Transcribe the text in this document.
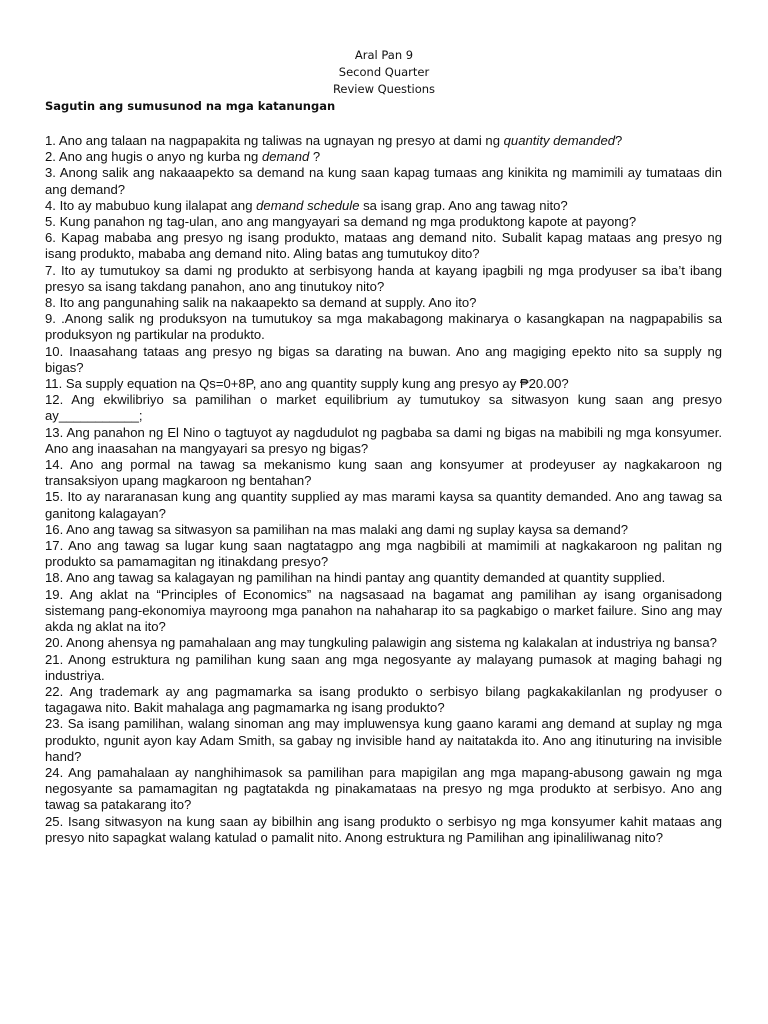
Aral Pan 9
Second Quarter
Review Questions
Sagutin ang sumusunod na mga katanungan

1. Ano ang talaan na nagpapakita ng taliwas na ugnayan ng presyo at dami ng quantity demanded?

2. Ano ang hugis o anyo ng kurba ng demand ?

3. Anong salik ang nakaaapekto sa demand na kung saan kapag tumaas ang kinikita ng mamimili ay tumataas din ang demand?

4. Ito ay mabubuo kung ilalapat ang demand schedule sa isang grap. Ano ang tawag nito?

5. Kung panahon ng tag-ulan, ano ang mangyayari sa demand ng mga produktong kapote at payong?

6. Kapag mababa ang presyo ng isang produkto, mataas ang demand nito. Subalit kapag mataas ang presyo ng isang produkto, mababa ang demand nito. Aling batas ang tumutukoy dito?

7. Ito ay tumutukoy sa dami ng produkto at serbisyong handa at kayang ipagbili ng mga prodyuser sa iba’t ibang presyo sa isang takdang panahon, ano ang tinutukoy nito?

8. Ito ang pangunahing salik na nakaapekto sa demand at supply. Ano ito?

9. .Anong salik ng produksyon na tumutukoy sa mga makabagong makinarya o kasangkapan na nagpapabilis sa produksyon ng partikular na produkto.

10. Inaasahang tataas ang presyo ng bigas sa darating na buwan. Ano ang magiging epekto nito sa supply ng bigas?

11. Sa supply equation na Qs=0+8P, ano ang quantity supply kung ang presyo ay ₱20.00?

12. Ang ekwilibriyo sa pamilihan o market equilibrium ay tumutukoy sa sitwasyon kung saan ang presyo ay___________;

13. Ang panahon ng El Nino o tagtuyot ay nagdudulot ng pagbaba sa dami ng bigas na mabibili ng mga konsyumer. Ano ang inaasahan na mangyayari sa presyo ng bigas?

14. Ano ang pormal na tawag sa mekanismo kung saan ang konsyumer at prodeyuser ay nagkakaroon ng transaksiyon upang magkaroon ng bentahan?

15. Ito ay nararanasan kung ang quantity supplied ay mas marami kaysa sa quantity demanded. Ano ang tawag sa ganitong kalagayan?

16. Ano ang tawag sa sitwasyon sa pamilihan na mas malaki ang dami ng suplay kaysa sa demand?

17. Ano ang tawag sa lugar kung saan nagtatagpo ang mga nagbibili at mamimili at nagkakaroon ng palitan ng produkto sa pamamagitan ng itinakdang presyo?

18. Ano ang tawag sa kalagayan ng pamilihan na hindi pantay ang quantity demanded at quantity supplied.

19. Ang aklat na “Principles of Economics” na nagsasaad na bagamat ang pamilihan ay isang organisadong sistemang pang-ekonomiya mayroong mga panahon na nahaharap ito sa pagkabigo o market failure. Sino ang may akda ng aklat na ito?

20. Anong ahensya ng pamahalaan ang may tungkuling palawigin ang sistema ng kalakalan at industriya ng bansa?

21. Anong estruktura ng pamilihan kung saan ang mga negosyante ay malayang pumasok at maging bahagi ng industriya.

22. Ang trademark ay ang pagmamarka sa isang produkto o serbisyo bilang pagkakakilanlan ng prodyuser o tagagawa nito. Bakit mahalaga ang pagmamarka ng isang produkto?

23. Sa isang pamilihan, walang sinoman ang may impluwensya kung gaano karami ang demand at suplay ng mga produkto, ngunit ayon kay Adam Smith, sa gabay ng invisible hand ay naitatakda ito. Ano ang itinuturing na invisible hand?

24. Ang pamahalaan ay nanghihimasok sa pamilihan para mapigilan ang mga mapang-abusong gawain ng mga negosyante sa pamamagitan ng pagtatakda ng pinakamataas na presyo ng mga produkto at serbisyo. Ano ang tawag sa patakarang ito?

25. Isang sitwasyon na kung saan ay bibilhin ang isang produkto o serbisyo ng mga konsyumer kahit mataas ang presyo nito sapagkat walang katulad o pamalit nito. Anong estruktura ng Pamilihan ang ipinaliliwanag nito?
